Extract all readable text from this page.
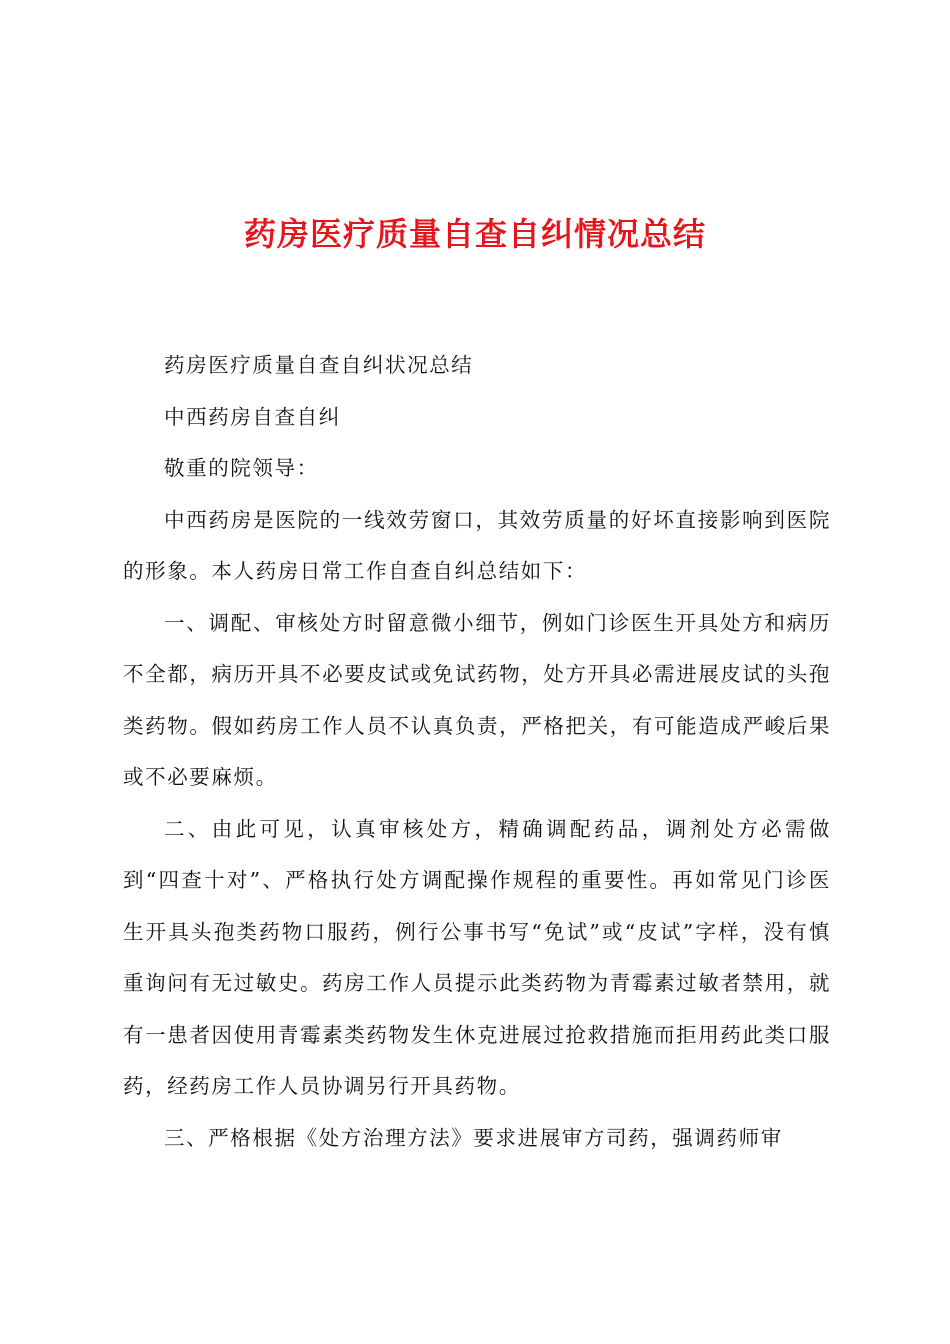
药房医疗质量自查自纠情况总结

药房医疗质量自查自纠状况总结

中西药房自查自纠

敬重的院领导：

中西药房是医院的一线效劳窗口，其效劳质量的好坏直接影响到医院的形象。本人药房日常工作自查自纠总结如下：

一、调配、审核处方时留意微小细节，例如门诊医生开具处方和病历不全都，病历开具不必要皮试或免试药物，处方开具必需进展皮试的头孢类药物。假如药房工作人员不认真负责，严格把关，有可能造成严峻后果或不必要麻烦。

二、由此可见，认真审核处方，精确调配药品，调剂处方必需做到“四查十对”、严格执行处方调配操作规程的重要性。再如常见门诊医生开具头孢类药物口服药，例行公事书写“免试”或“皮试”字样，没有慎重询问有无过敏史。药房工作人员提示此类药物为青霉素过敏者禁用，就有一患者因使用青霉素类药物发生休克进展过抢救措施而拒用药此类口服药，经药房工作人员协调另行开具药物。

三、严格根据《处方治理方法》要求进展审方司药，强调药师审
